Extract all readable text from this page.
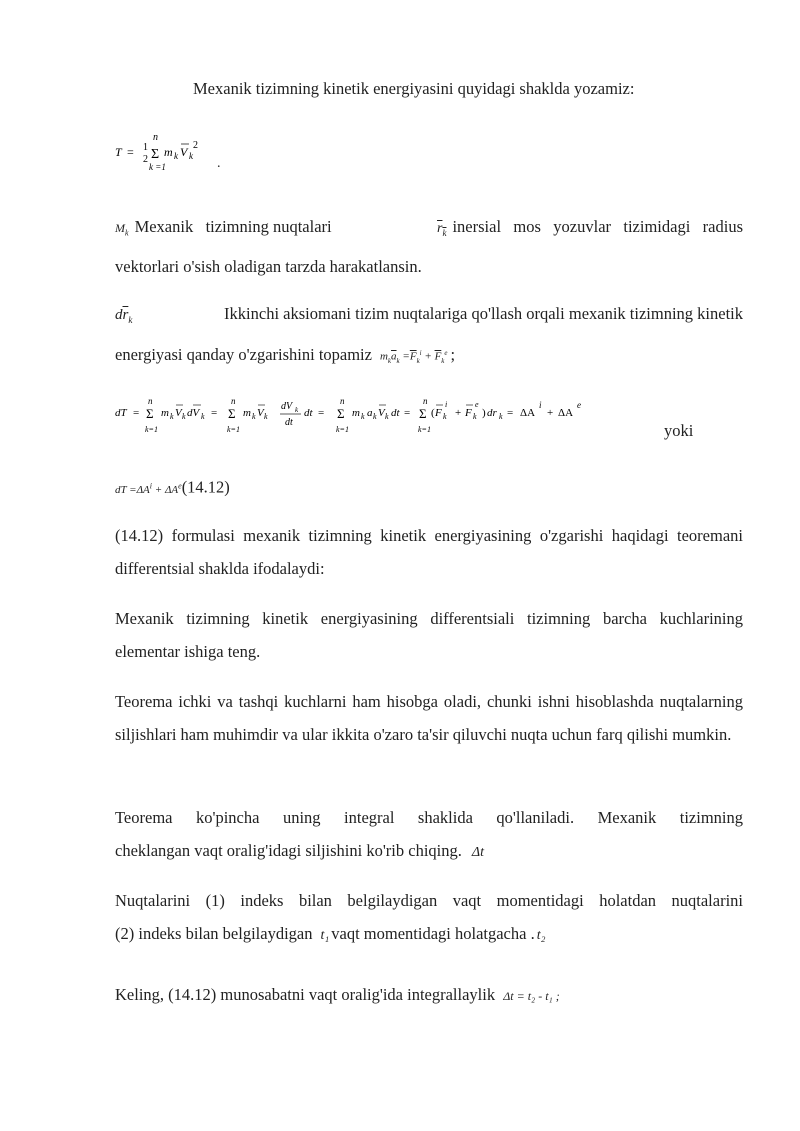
Mexanik tizimning kinetik energiyasini quyidagi shaklda yozamiz:
T = 1
2
n
Σ
k =1
m k V k
2
.
$M_k$ Mexanik   tizimning nuqtalari	$r_k$ inersial   mos   yozuvlar   tizimidagi   radius
vektorlari o'sish oladigan tarzda harakatlansin.
$d\overline{r}_k$	Ikkinchi aksiomani tizim nuqtalariga qo'llash orqali mexanik tizimning kinetik
energiyasi qanday o'zgarishini topamiz $m_k\overline{a}_k =\overline{F}_k^i + \overline{F}_k^e$ ;
dT =
n
Σ
k=1
m k V k dV k =
n
Σ
k=1
m k V k
dV k
dt
dt =
n
Σ
k=1
m k a k V k dt =
n
Σ
k=1
( F k
i
+ F k
e
) dr k = ΔA
i
+ ΔA
e
yoki
dT $=\Delta A^i + \Delta A^e(14.12)$
(14.12) formulasi mexanik tizimning kinetik energiyasining o'zgarishi haqidagi teoremani differentsial shaklda ifodalaydi:
Mexanik tizimning kinetik energiyasining differentsiali tizimning barcha kuchlarining elementar ishiga teng.
Teorema ichki va tashqi kuchlarni ham hisobga oladi, chunki ishni hisoblashda nuqtalarning siljishlari ham muhimdir va ular ikkita o'zaro ta'sir qiluvchi nuqta uchun farq qilishi mumkin.
Teorema ko'pincha uning integral shaklida qo'llaniladi. Mexanik tizimning
cheklangan vaqt oralig'idagi siljishini ko'rib chiqing. Δt
Nuqtalarini (1) indeks bilan belgilaydigan vaqt momentidagi holatdan nuqtalarini
(2) indeks bilan belgilaydigan t₁ vaqt momentidagi holatgacha . t₂
Keling, (14.12) munosabatni vaqt oralig'ida integrallaylik Δt = t₂ - t₁ ;
